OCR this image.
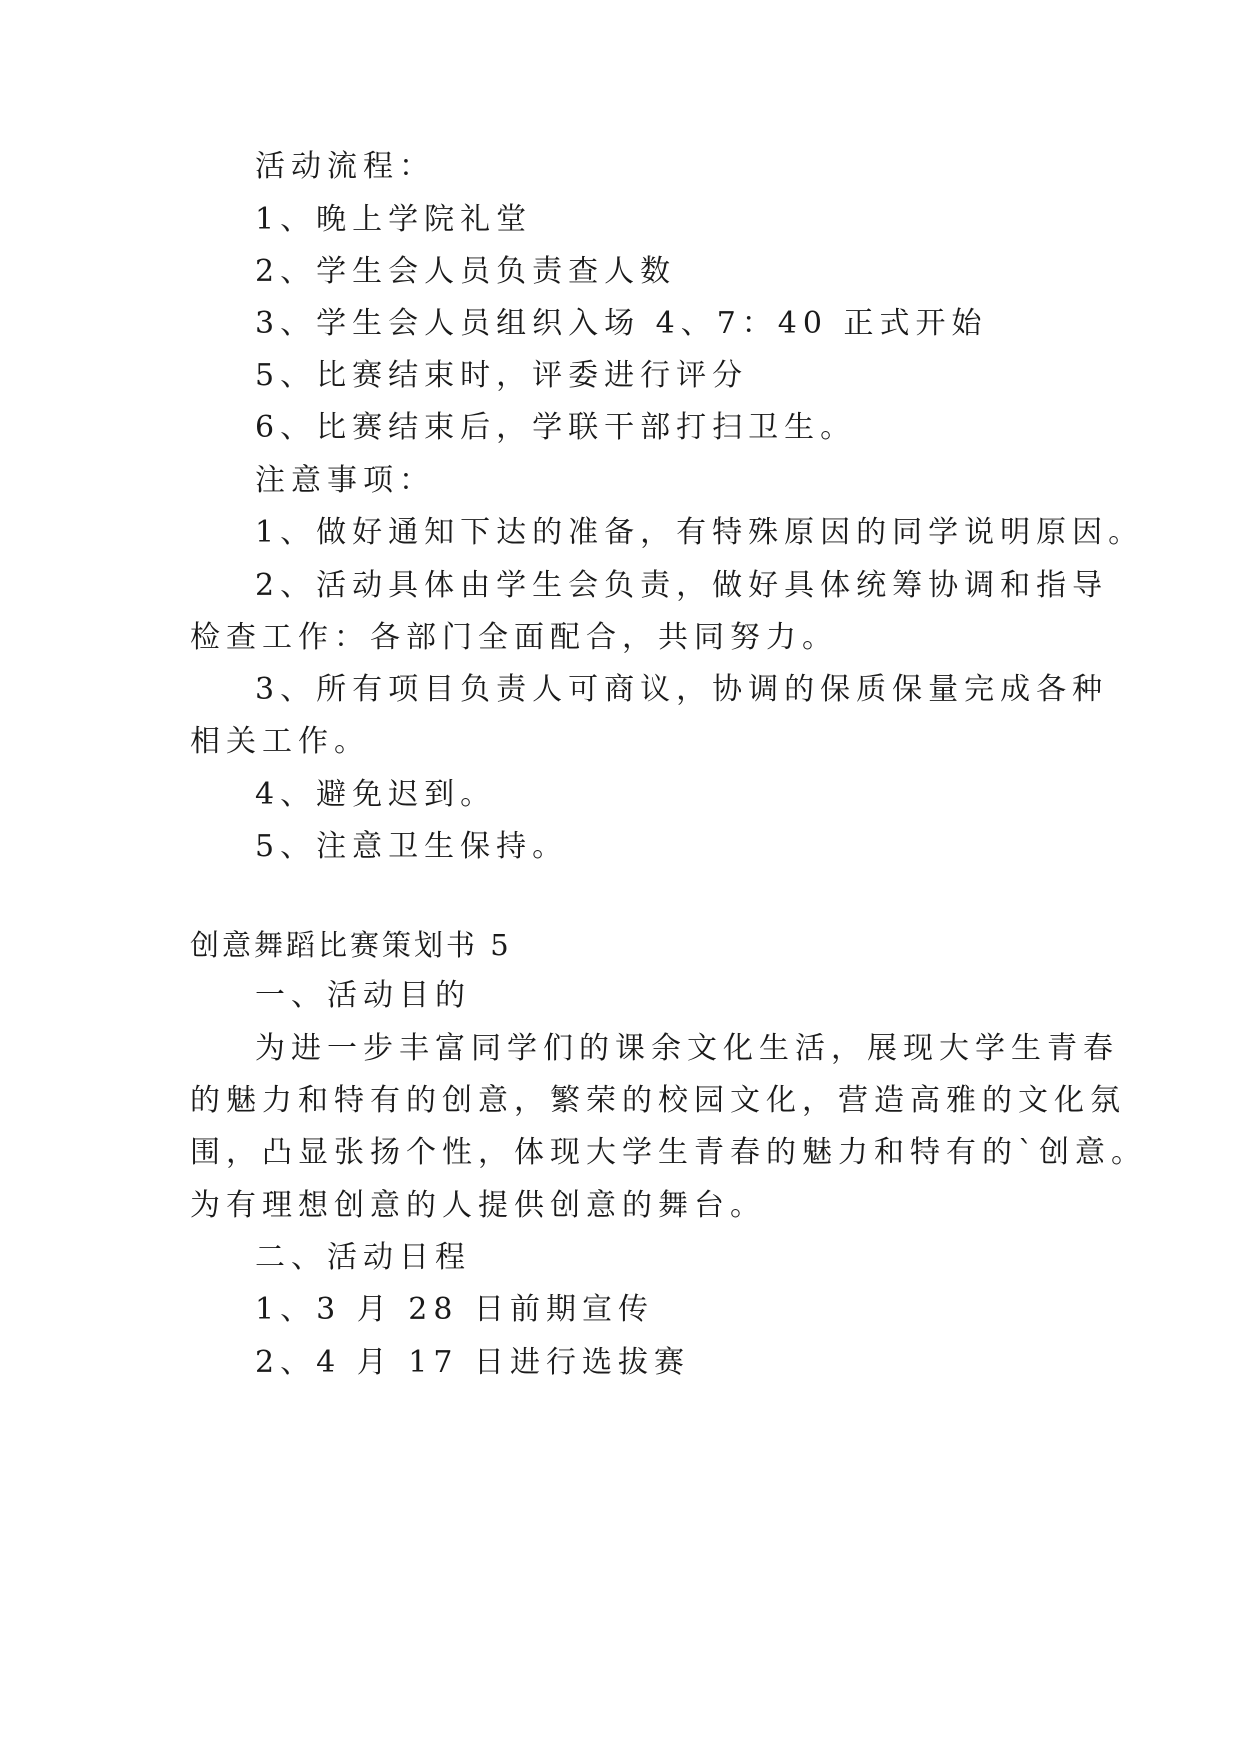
活动流程：
1、晚上学院礼堂
2、学生会人员负责查人数
3、学生会人员组织入场 4、7：40 正式开始
5、比赛结束时，评委进行评分
6、比赛结束后，学联干部打扫卫生。
注意事项：
1、做好通知下达的准备，有特殊原因的同学说明原因。
2、活动具体由学生会负责，做好具体统筹协调和指导
检查工作：各部门全面配合，共同努力。
3、所有项目负责人可商议，协调的保质保量完成各种
相关工作。
4、避免迟到。
5、注意卫生保持。
创意舞蹈比赛策划书 5
一、活动目的
为进一步丰富同学们的课余文化生活，展现大学生青春
的魅力和特有的创意，繁荣的校园文化，营造高雅的文化氛
围，凸显张扬个性，体现大学生青春的魅力和特有的`创意。
为有理想创意的人提供创意的舞台。
二、活动日程
1、3 月 28 日前期宣传
2、4 月 17 日进行选拔赛
